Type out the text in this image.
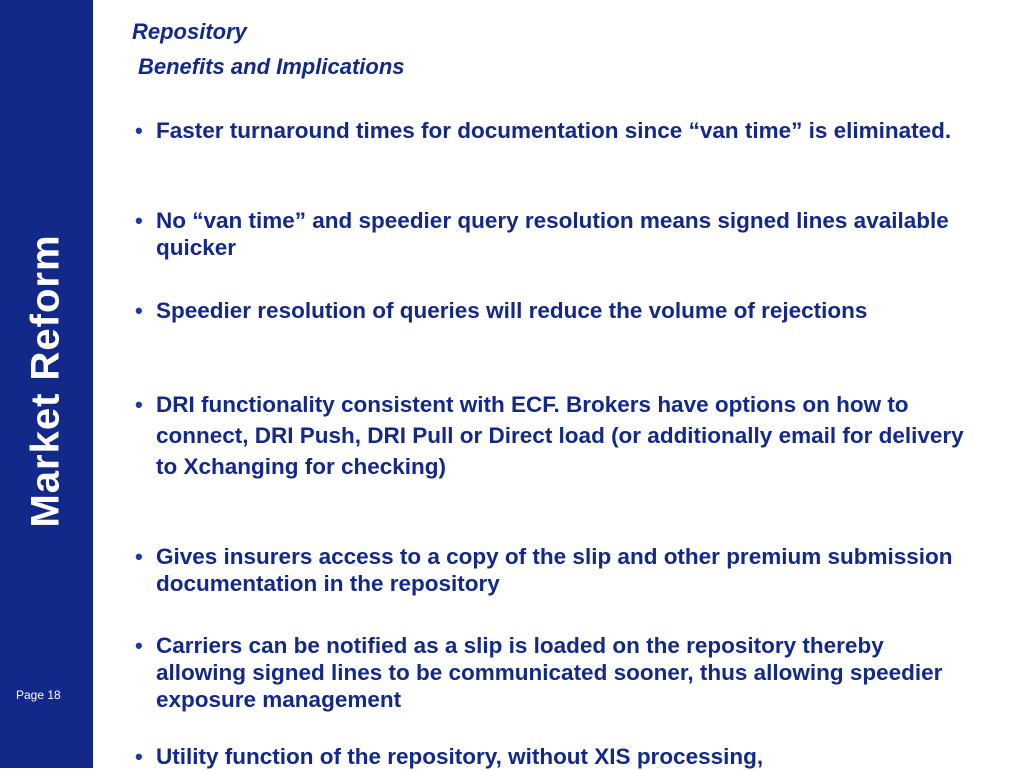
Market Reform
Page 18
Repository
Benefits and Implications
• Faster turnaround times for documentation since “van time” is eliminated.
• No “van time” and speedier query resolution means signed lines available quicker
• Speedier resolution of queries will reduce the volume of rejections
• DRI functionality consistent with ECF. Brokers have options on how to connect, DRI Push, DRI Pull or Direct load (or additionally email for delivery to Xchanging for checking)
• Gives insurers access to a copy of the slip and other premium submission documentation in the repository
• Carriers can be notified as a slip is loaded on the repository thereby allowing signed lines to be communicated sooner, thus allowing speedier exposure management
• Utility function of the repository, without XIS processing,
